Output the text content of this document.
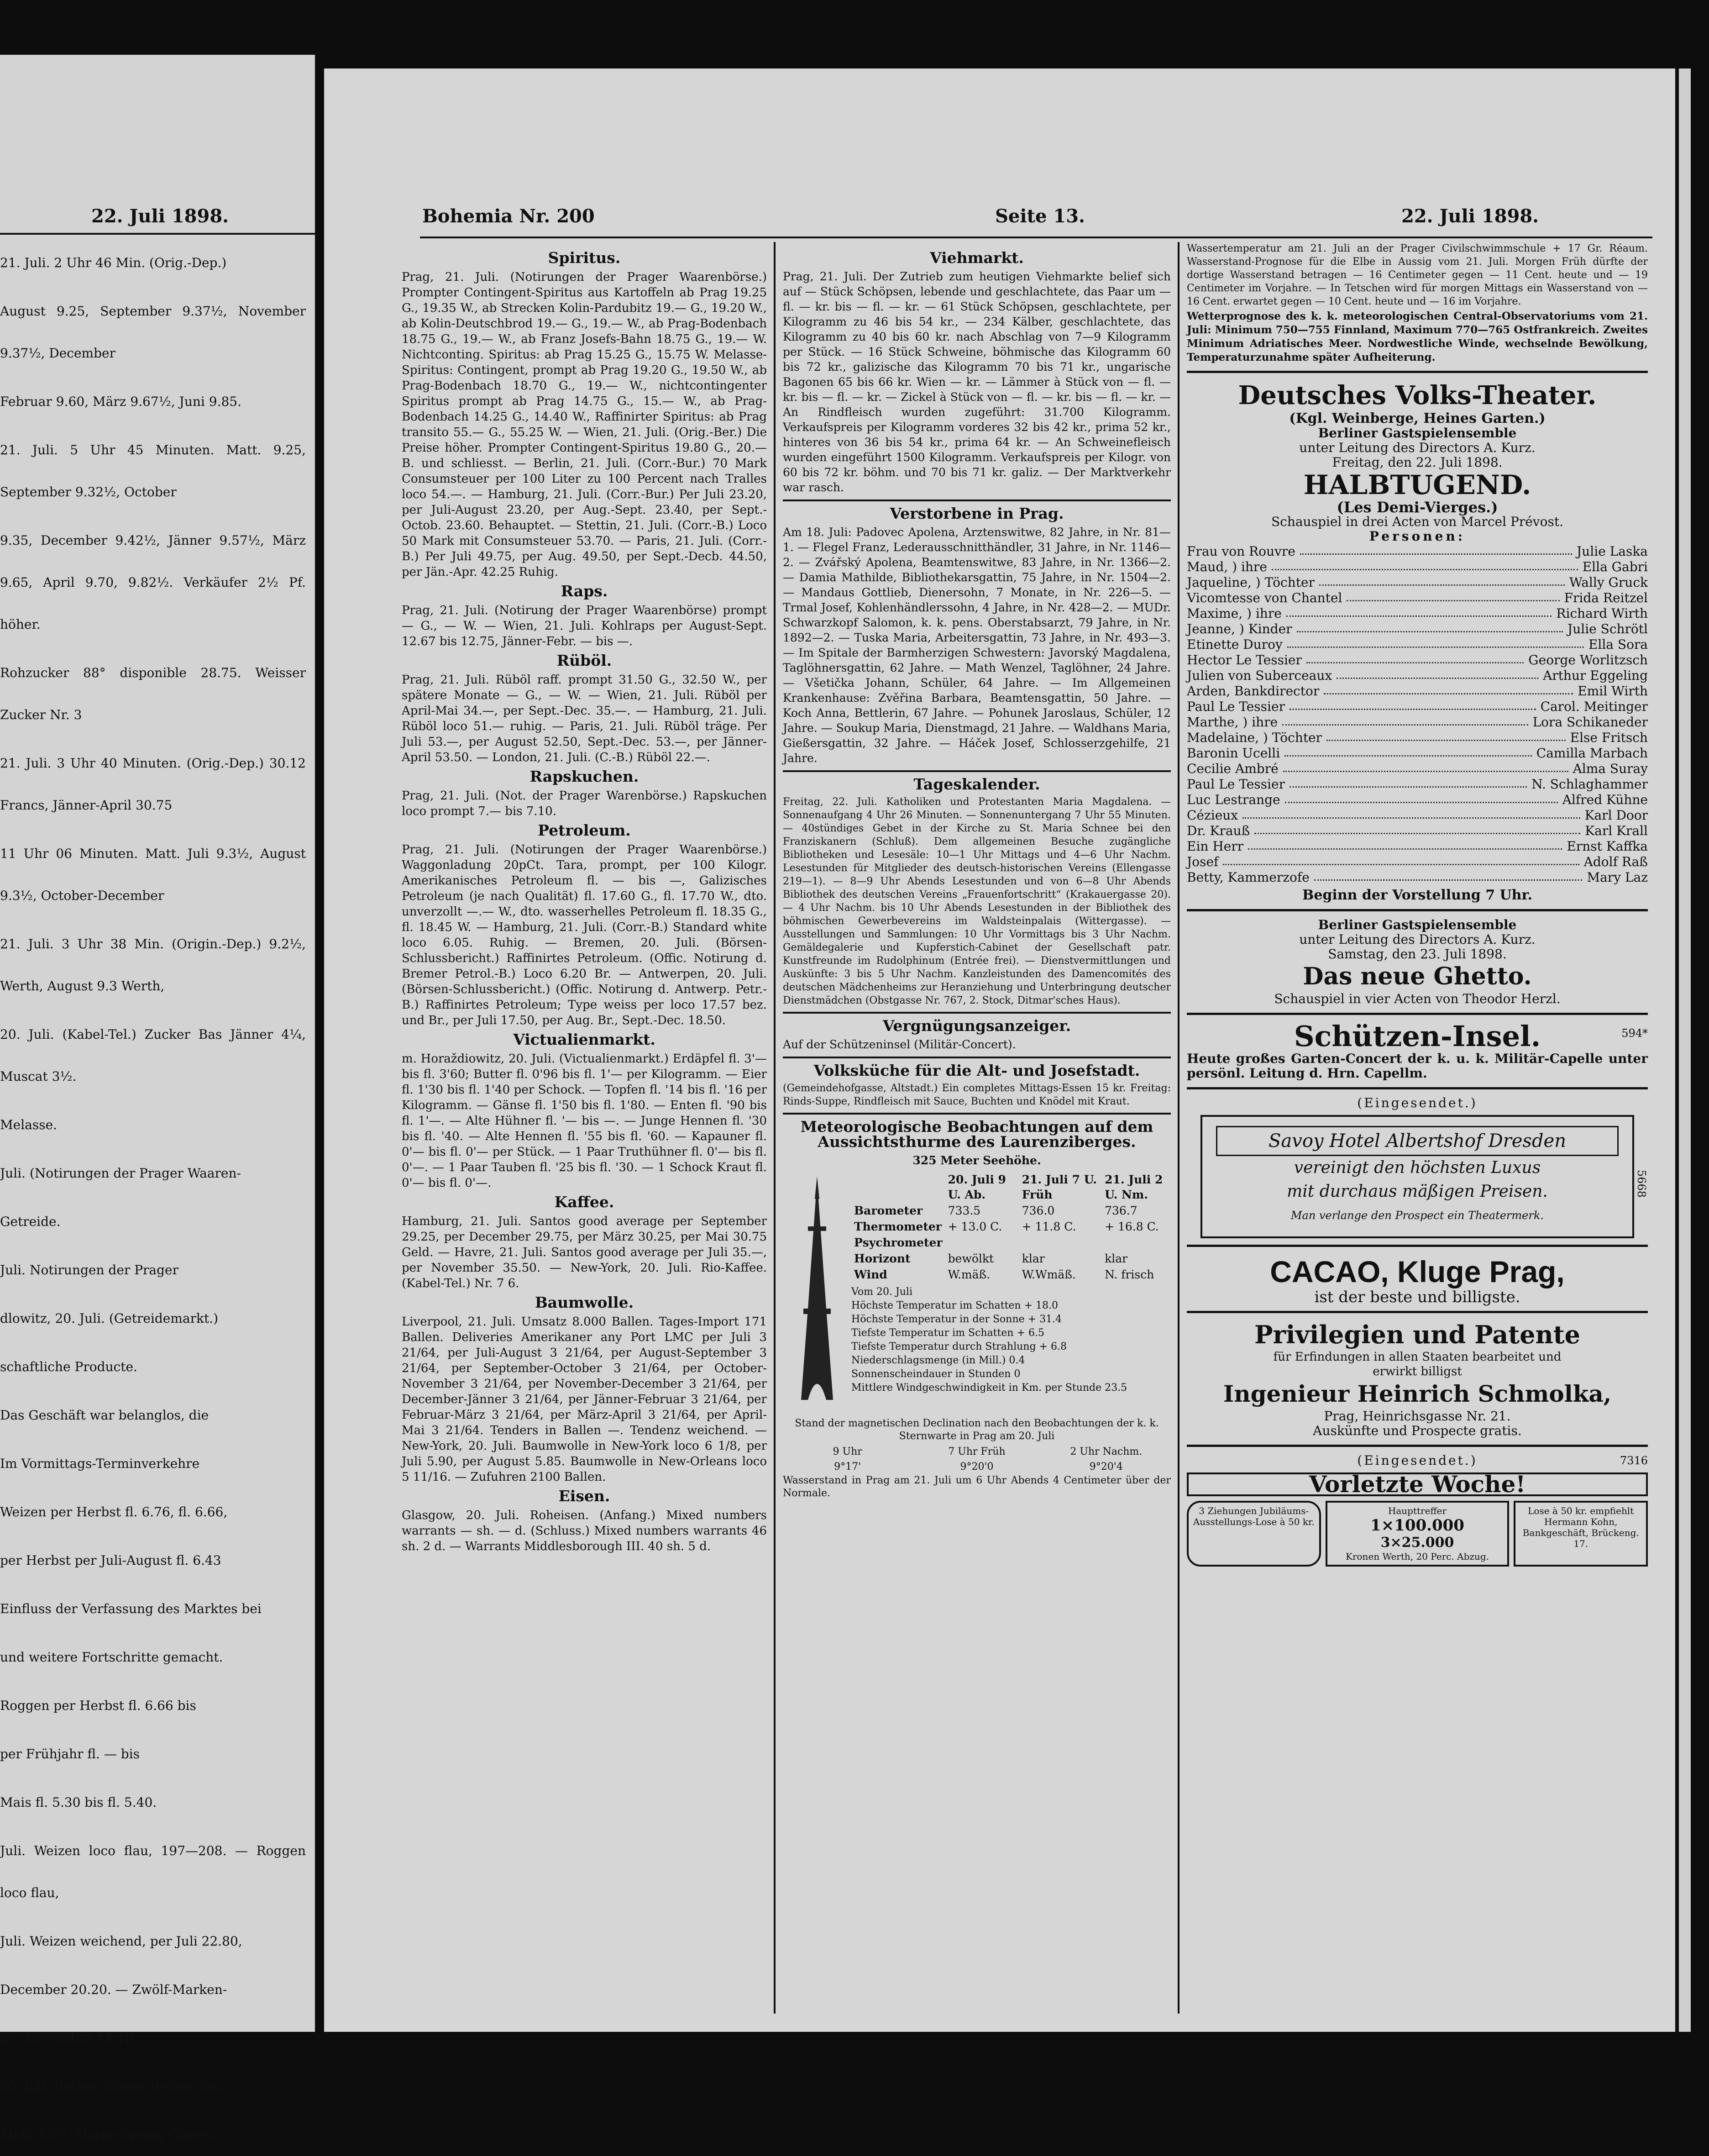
22. Juli 1898.

21. Juli. 2 Uhr 46 Min. (Orig.-Dep.)

August 9.25, September 9.37½, November 9.37½, December

Februar 9.60, März 9.67½, Juni 9.85.

21. Juli. 5 Uhr 45 Minuten. Matt. 9.25, September 9.32½, October

9.35, December 9.42½, Jänner 9.57½, März 9.65, April 9.70, 9.82½. Verkäufer 2½ Pf. höher.

Rohzucker 88° disponible 28.75. Weisser Zucker Nr. 3

21. Juli. 3 Uhr 40 Minuten. (Orig.-Dep.) 30.12 Francs, Jänner-April 30.75

11 Uhr 06 Minuten. Matt. Juli 9.3½, August 9.3½, October-December

21. Juli. 3 Uhr 38 Min. (Origin.-Dep.) 9.2½, Werth, August 9.3 Werth,

20. Juli. (Kabel-Tel.) Zucker Bas Jänner 4¼, Muscat 3½.

Melasse.

Juli. (Notirungen der Prager Waaren-

Getreide.

Juli. Notirungen der Prager

dlowitz, 20. Juli. (Getreidemarkt.)

schaftliche Producte.

Das Geschäft war belanglos, die

Im Vormittags-Terminverkehre

Weizen per Herbst fl. 6.76, fl. 6.66,

per Herbst per Juli-August fl. 6.43

Einfluss der Verfassung des Marktes bei

und weitere Fortschritte gemacht.

Roggen per Herbst fl. 6.66 bis

per Frühjahr fl. — bis

Mais fl. 5.30 bis fl. 5.40.

Juli. Weizen loco flau, 197—208. — Roggen loco flau,

Juli. Weizen weichend, per Juli 22.80,

December 20.20. — Zwölf-Marken-

per December 44.10.

20. Juli. Rother Winter-Weizen loco

Mehl 3.55 (Marke Spring Clares).

Bohemia Nr. 200	Seite 13.	22. Juli 1898.
Spiritus.

Prag, 21. Juli. (Notirungen der Prager Waarenbörse.) Prompter Contingent-Spiritus aus Kartoffeln ab Prag 19.25 G., 19.35 W., ab Strecken Kolin-Pardubitz 19.— G., 19.20 W., ab Kolin-Deutschbrod 19.— G., 19.— W., ab Prag-Bodenbach 18.75 G., 19.— W., ab Franz Josefs-Bahn 18.75 G., 19.— W. Nichtconting. Spiritus: ab Prag 15.25 G., 15.75 W. Melasse-Spiritus: Contingent, prompt ab Prag 19.20 G., 19.50 W., ab Prag-Bodenbach 18.70 G., 19.— W., nichtcontingenter Spiritus prompt ab Prag 14.75 G., 15.— W., ab Prag-Bodenbach 14.25 G., 14.40 W., Raffinirter Spiritus: ab Prag transito 55.— G., 55.25 W. — Wien, 21. Juli. (Orig.-Ber.) Die Preise höher. Prompter Contingent-Spiritus 19.80 G., 20.— B. und schliesst. — Berlin, 21. Juli. (Corr.-Bur.) 70 Mark Consumsteuer per 100 Liter zu 100 Percent nach Tralles loco 54.—. — Hamburg, 21. Juli. (Corr.-Bur.) Per Juli 23.20, per Juli-August 23.20, per Aug.-Sept. 23.40, per Sept.-Octob. 23.60. Behauptet. — Stettin, 21. Juli. (Corr.-B.) Loco 50 Mark mit Consumsteuer 53.70. — Paris, 21. Juli. (Corr.-B.) Per Juli 49.75, per Aug. 49.50, per Sept.-Decb. 44.50, per Jän.-Apr. 42.25 Ruhig.

Raps.

Prag, 21. Juli. (Notirung der Prager Waarenbörse) prompt — G., — W. — Wien, 21. Juli. Kohlraps per August-Sept. 12.67 bis 12.75, Jänner-Febr. — bis —.

Rüböl.

Prag, 21. Juli. Rüböl raff. prompt 31.50 G., 32.50 W., per spätere Monate — G., — W. — Wien, 21. Juli. Rüböl per April-Mai 34.—, per Sept.-Dec. 35.—. — Hamburg, 21. Juli. Rüböl loco 51.— ruhig. — Paris, 21. Juli. Rüböl träge. Per Juli 53.—, per August 52.50, Sept.-Dec. 53.—, per Jänner-April 53.50. — London, 21. Juli. (C.-B.) Rüböl 22.—.

Rapskuchen.

Prag, 21. Juli. (Not. der Prager Warenbörse.) Rapskuchen loco prompt 7.— bis 7.10.

Petroleum.

Prag, 21. Juli. (Notirungen der Prager Waarenbörse.) Waggonladung 20pCt. Tara, prompt, per 100 Kilogr. Amerikanisches Petroleum fl. — bis —, Galizisches Petroleum (je nach Qualität) fl. 17.60 G., fl. 17.70 W., dto. unverzollt —.— W., dto. wasserhelles Petroleum fl. 18.35 G., fl. 18.45 W. — Hamburg, 21. Juli. (Corr.-B.) Standard white loco 6.05. Ruhig. — Bremen, 20. Juli. (Börsen-Schlussbericht.) Raffinirtes Petroleum. (Offic. Notirung d. Bremer Petrol.-B.) Loco 6.20 Br. — Antwerpen, 20. Juli. (Börsen-Schlussbericht.) (Offic. Notirung d. Antwerp. Petr.-B.) Raffinirtes Petroleum; Type weiss per loco 17.57 bez. und Br., per Juli 17.50, per Aug. Br., Sept.-Dec. 18.50.

Victualienmarkt.

m. Horaždiowitz, 20. Juli. (Victualienmarkt.) Erdäpfel fl. 3'— bis fl. 3'60; Butter fl. 0'96 bis fl. 1'— per Kilogramm. — Eier fl. 1'30 bis fl. 1'40 per Schock. — Topfen fl. '14 bis fl. '16 per Kilogramm. — Gänse fl. 1'50 bis fl. 1'80. — Enten fl. '90 bis fl. 1'—. — Alte Hühner fl. '— bis —. — Junge Hennen fl. '30 bis fl. '40. — Alte Hennen fl. '55 bis fl. '60. — Kapauner fl. 0'— bis fl. 0'— per Stück. — 1 Paar Truthühner fl. 0'— bis fl. 0'—. — 1 Paar Tauben fl. '25 bis fl. '30. — 1 Schock Kraut fl. 0'— bis fl. 0'—.

Kaffee.

Hamburg, 21. Juli. Santos good average per September 29.25, per December 29.75, per März 30.25, per Mai 30.75 Geld. — Havre, 21. Juli. Santos good average per Juli 35.—, per November 35.50. — New-York, 20. Juli. Rio-Kaffee. (Kabel-Tel.) Nr. 7 6.

Baumwolle.

Liverpool, 21. Juli. Umsatz 8.000 Ballen. Tages-Import 171 Ballen. Deliveries Amerikaner any Port LMC per Juli 3 21/64, per Juli-August 3 21/64, per August-September 3 21/64, per September-October 3 21/64, per October-November 3 21/64, per November-December 3 21/64, per December-Jänner 3 21/64, per Jänner-Februar 3 21/64, per Februar-März 3 21/64, per März-April 3 21/64, per April-Mai 3 21/64. Tenders in Ballen —. Tendenz weichend. — New-York, 20. Juli. Baumwolle in New-York loco 6 1/8, per Juli 5.90, per August 5.85. Baumwolle in New-Orleans loco 5 11/16. — Zufuhren 2100 Ballen.

Eisen.

Glasgow, 20. Juli. Roheisen. (Anfang.) Mixed numbers warrants — sh. — d. (Schluss.) Mixed numbers warrants 46 sh. 2 d. — Warrants Middlesborough III. 40 sh. 5 d.

Viehmarkt.

Prag, 21. Juli. Der Zutrieb zum heutigen Viehmarkte belief sich auf — Stück Schöpsen, lebende und geschlachtete, das Paar um — fl. — kr. bis — fl. — kr. — 61 Stück Schöpsen, geschlachtete, per Kilogramm zu 46 bis 54 kr., — 234 Kälber, geschlachtete, das Kilogramm zu 40 bis 60 kr. nach Abschlag von 7—9 Kilogramm per Stück. — 16 Stück Schweine, böhmische das Kilogramm 60 bis 72 kr., galizische das Kilogramm 70 bis 71 kr., ungarische Bagonen 65 bis 66 kr. Wien — kr. — Lämmer à Stück von — fl. — kr. bis — fl. — kr. — Zickel à Stück von — fl. — kr. bis — fl. — kr. — An Rindfleisch wurden zugeführt: 31.700 Kilogramm. Verkaufspreis per Kilogramm vorderes 32 bis 42 kr., prima 52 kr., hinteres von 36 bis 54 kr., prima 64 kr. — An Schweinefleisch wurden eingeführt 1500 Kilogramm. Verkaufspreis per Kilogr. von 60 bis 72 kr. böhm. und 70 bis 71 kr. galiz. — Der Marktverkehr war rasch.

Verstorbene in Prag.

Am 18. Juli: Padovec Apolena, Arztenswitwe, 82 Jahre, in Nr. 81—1. — Flegel Franz, Lederausschnitthändler, 31 Jahre, in Nr. 1146—2. — Zvářský Apolena, Beamtenswitwe, 83 Jahre, in Nr. 1366—2. — Damia Mathilde, Bibliothekarsgattin, 75 Jahre, in Nr. 1504—2. — Mandaus Gottlieb, Dienersohn, 7 Monate, in Nr. 226—5. — Trmal Josef, Kohlenhändlerssohn, 4 Jahre, in Nr. 428—2. — MUDr. Schwarzkopf Salomon, k. k. pens. Oberstabsarzt, 79 Jahre, in Nr. 1892—2. — Tuska Maria, Arbeitersgattin, 73 Jahre, in Nr. 493—3. — Im Spitale der Barmherzigen Schwestern: Javorský Magdalena, Taglöhnersgattin, 62 Jahre. — Math Wenzel, Taglöhner, 24 Jahre. — Všetička Johann, Schüler, 64 Jahre. — Im Allgemeinen Krankenhause: Zvěřina Barbara, Beamtensgattin, 50 Jahre. — Koch Anna, Bettlerin, 67 Jahre. — Pohunek Jaroslaus, Schüler, 12 Jahre. — Soukup Maria, Dienstmagd, 21 Jahre. — Waldhans Maria, Gießersgattin, 32 Jahre. — Háček Josef, Schlosserzgehilfe, 21 Jahre.

Tageskalender.

Freitag, 22. Juli. Katholiken und Protestanten Maria Magdalena. — Sonnenaufgang 4 Uhr 26 Minuten. — Sonnenuntergang 7 Uhr 55 Minuten. — 40stündiges Gebet in der Kirche zu St. Maria Schnee bei den Franziskanern (Schluß). Dem allgemeinen Besuche zugängliche Bibliotheken und Lesesäle: 10—1 Uhr Mittags und 4—6 Uhr Nachm. Lesestunden für Mitglieder des deutsch-historischen Vereins (Ellengasse 219—1). — 8—9 Uhr Abends Lesestunden und von 6—8 Uhr Abends Bibliothek des deutschen Vereins „Frauenfortschritt“ (Krakauergasse 20). — 4 Uhr Nachm. bis 10 Uhr Abends Lesestunden in der Bibliothek des böhmischen Gewerbevereins im Waldsteinpalais (Wittergasse). — Ausstellungen und Sammlungen: 10 Uhr Vormittags bis 3 Uhr Nachm. Gemäldegalerie und Kupferstich-Cabinet der Gesellschaft patr. Kunstfreunde im Rudolphinum (Entrée frei). — Dienstvermittlungen und Auskünfte: 3 bis 5 Uhr Nachm. Kanzleistunden des Damencomités des deutschen Mädchenheims zur Heranziehung und Unterbringung deutscher Dienstmädchen (Obstgasse Nr. 767, 2. Stock, Ditmar'sches Haus).

Vergnügungsanzeiger.

Auf der Schützeninsel (Militär-Concert).

Volksküche für die Alt- und Josefstadt.

(Gemeindehofgasse, Altstadt.) Ein completes Mittags-Essen 15 kr. Freitag: Rinds-Suppe, Rindfleisch mit Sauce, Buchten und Knödel mit Kraut.

Meteorologische Beobachtungen auf dem Aussichtsthurme des Laurenziberges.
325 Meter Seehöhe.
	20. Juli 9 U. Ab.	21. Juli 7 U. Früh	21. Juli 2 U. Nm.
Barometer	733.5	736.0	736.7
Thermometer	+ 13.0 C.	+ 11.8 C.	+ 16.8 C.
Psychrometer			
Horizont	bewölkt	klar	klar
Wind	W.mäß.	W.Wmäß.	N. frisch
Vom 20. Juli
Höchste Temperatur im Schatten + 18.0
Höchste Temperatur in der Sonne + 31.4
Tiefste Temperatur im Schatten + 6.5
Tiefste Temperatur durch Strahlung + 6.8
Niederschlagsmenge (in Mill.) 0.4
Sonnenscheindauer in Stunden 0
Mittlere Windgeschwindigkeit in Km. per Stunde 23.5

Stand der magnetischen Declination nach den Beobachtungen der k. k. Sternwarte in Prag am 20. Juli

9 Uhr	7 Uhr Früh	2 Uhr Nachm.
9°17'	9°20'0	9°20'4

Wasserstand in Prag am 21. Juli um 6 Uhr Abends 4 Centimeter über der Normale.

Wassertemperatur am 21. Juli an der Prager Civilschwimmschule + 17 Gr. Réaum. Wasserstand-Prognose für die Elbe in Aussig vom 21. Juli. Morgen Früh dürfte der dortige Wasserstand betragen — 16 Centimeter gegen — 11 Cent. heute und — 19 Centimeter im Vorjahre. — In Tetschen wird für morgen Mittags ein Wasserstand von — 16 Cent. erwartet gegen — 10 Cent. heute und — 16 im Vorjahre.

Wetterprognose des k. k. meteorologischen Central-Observatoriums vom 21. Juli: Minimum 750—755 Finnland, Maximum 770—765 Ostfrankreich. Zweites Minimum Adriatisches Meer. Nordwestliche Winde, wechselnde Bewölkung, Temperaturzunahme später Aufheiterung.

Deutsches Volks-Theater.
(Kgl. Weinberge, Heines Garten.)
Berliner Gastspielensemble
unter Leitung des Directors A. Kurz.
Freitag, den 22. Juli 1898.
HALBTUGEND.
(Les Demi-Vierges.)
Schauspiel in drei Acten von Marcel Prévost.
Personen:
Frau von Rouvre	Julie Laska
Maud, ) ihre	Ella Gabri
Jaqueline, ) Töchter	Wally Gruck
Vicomtesse von Chantel	Frida Reitzel
Maxime, ) ihre	Richard Wirth
Jeanne, ) Kinder	Julie Schrötl
Etinette Duroy	Ella Sora
Hector Le Tessier	George Worlitzsch
Julien von Suberceaux	Arthur Eggeling
Arden, Bankdirector	Emil Wirth
Paul Le Tessier	Carol. Meitinger
Marthe, ) ihre	Lora Schikaneder
Madelaine, ) Töchter	Else Fritsch
Baronin Ucelli	Camilla Marbach
Cecilie Ambré	Alma Suray
Paul Le Tessier	N. Schlaghammer
Luc Lestrange	Alfred Kühne
Cézieux	Karl Door
Dr. Krauß	Karl Krall
Ein Herr	Ernst Kaffka
Josef	Adolf Raß
Betty, Kammerzofe	Mary Laz
Beginn der Vorstellung 7 Uhr.
Berliner Gastspielensemble
unter Leitung des Directors A. Kurz.
Samstag, den 23. Juli 1898.
Das neue Ghetto.
Schauspiel in vier Acten von Theodor Herzl.
Schützen-Insel.	594*

Heute großes Garten-Concert der k. u. k. Militär-Capelle unter persönl. Leitung d. Hrn. Capellm.

(Eingesendet.)
Savoy Hotel Albertshof Dresden
vereinigt den höchsten Luxus
mit durchaus mäßigen Preisen.
Man verlange den Prospect ein Theatermerk.
5668
CACAO, Kluge Prag,
ist der beste und billigste.
Privilegien und Patente
für Erfindungen in allen Staaten bearbeitet und
erwirkt billigst
Ingenieur Heinrich Schmolka,
Prag, Heinrichsgasse Nr. 21.
Auskünfte und Prospecte gratis.
(Eingesendet.)	7316
Vorletzte Woche!
3 Ziehungen Jubiläums-Ausstellungs-Lose à 50 kr.
Haupttreffer
1×100.000
3×25.000
Kronen Werth, 20 Perc. Abzug.
Lose à 50 kr. empfiehlt Hermann Kohn, Bankgeschäft, Brückeng. 17.
